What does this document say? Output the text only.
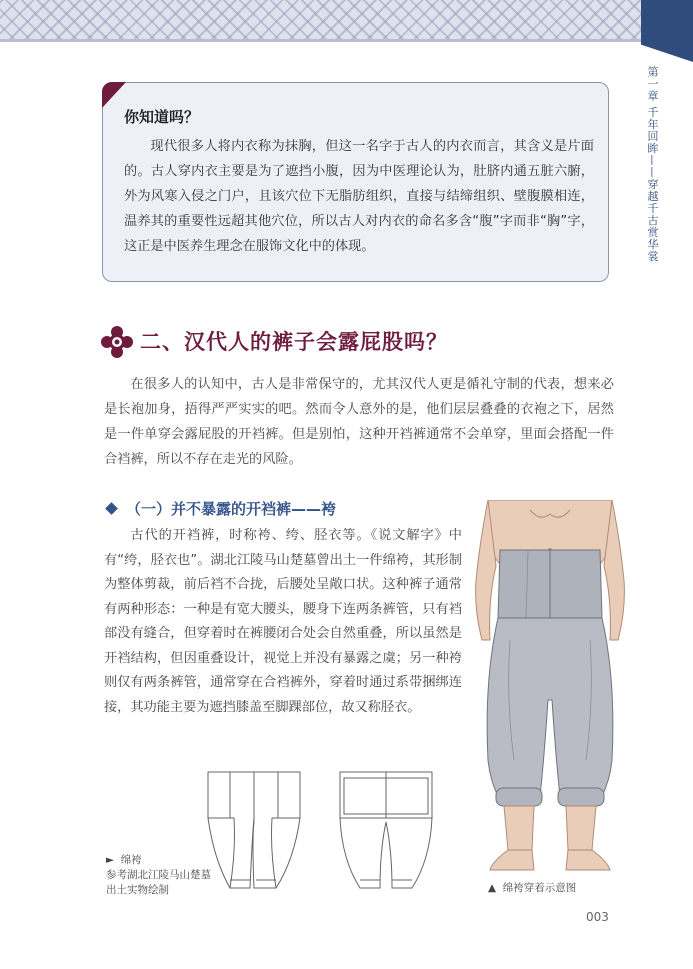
第一章 千年回眸——穿越千古赏华裳
你知道吗？

现代很多人将内衣称为抹胸，但这一名字于古人的内衣而言，其含义是片面的。古人穿内衣主要是为了遮挡小腹，因为中医理论认为，肚脐内通五脏六腑，外为风寒入侵之门户，且该穴位下无脂肪组织，直接与结缔组织、壁腹膜相连，温养其的重要性远超其他穴位，所以古人对内衣的命名多含“腹”字而非“胸”字，这正是中医养生理念在服饰文化中的体现。

二、汉代人的裤子会露屁股吗？

在很多人的认知中，古人是非常保守的，尤其汉代人更是循礼守制的代表，想来必是长袍加身，捂得严严实实的吧。然而令人意外的是，他们层层叠叠的衣袍之下，居然是一件单穿会露屁股的开裆裤。但是别怕，这种开裆裤通常不会单穿，里面会搭配一件合裆裤，所以不存在走光的风险。

（一）并不暴露的开裆裤——袴

古代的开裆裤，时称袴、绔、胫衣等。《说文解字》中有“绔，胫衣也”。湖北江陵马山楚墓曾出土一件绵袴，其形制为整体剪裁，前后裆不合拢，后腰处呈敞口状。这种裤子通常有两种形态：一种是有宽大腰头，腰身下连两条裤管，只有裆部没有缝合，但穿着时在裤腰闭合处会自然重叠，所以虽然是开裆结构，但因重叠设计，视觉上并没有暴露之虞；另一种袴则仅有两条裤管，通常穿在合裆裤外，穿着时通过系带捆绑连接，其功能主要为遮挡膝盖至脚踝部位，故又称胫衣。

► 绵袴
参考湖北江陵马山楚墓出土实物绘制	▲ 绵袴穿着示意图
003
